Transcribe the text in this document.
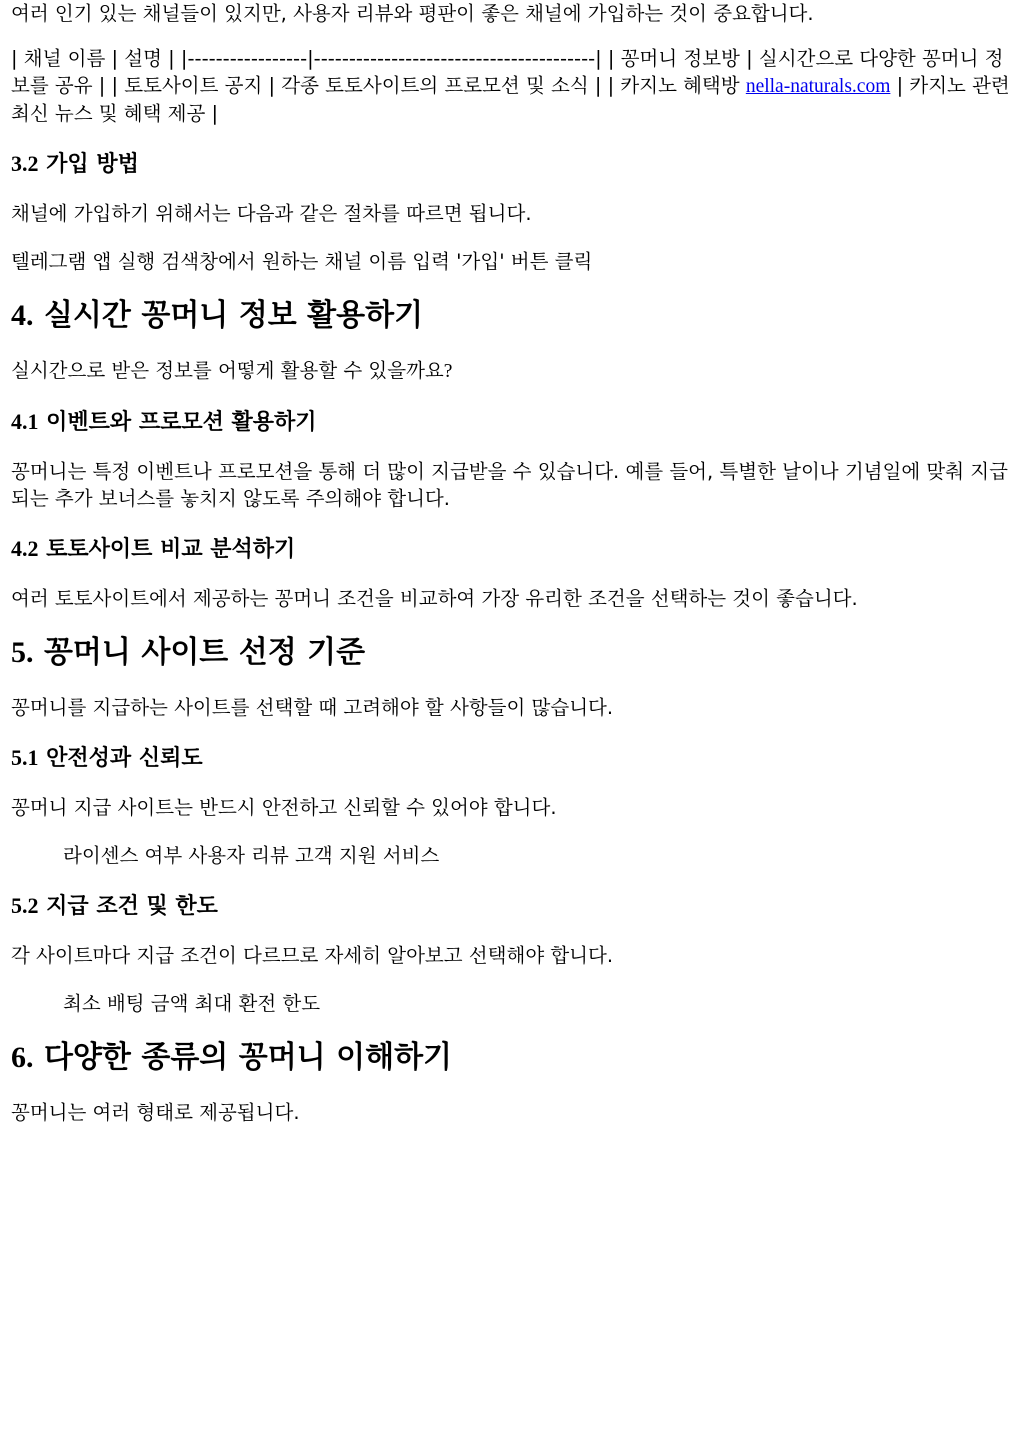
여러 인기 있는 채널들이 있지만, 사용자 리뷰와 평판이 좋은 채널에 가입하는 것이 중요합니다.

| 채널 이름 | 설명 | |-----------------|----------------------------------------| | 꽁머니 정보방 | 실시간으로 다양한 꽁머니 정보를 공유 | | 토토사이트 공지 | 각종 토토사이트의 프로모션 및 소식 | | 카지노 혜택방 nella-naturals.com | 카지노 관련 최신 뉴스 및 혜택 제공 |

3.2 가입 방법

채널에 가입하기 위해서는 다음과 같은 절차를 따르면 됩니다.

텔레그램 앱 실행 검색창에서 원하는 채널 이름 입력 '가입' 버튼 클릭

4. 실시간 꽁머니 정보 활용하기

실시간으로 받은 정보를 어떻게 활용할 수 있을까요?

4.1 이벤트와 프로모션 활용하기

꽁머니는 특정 이벤트나 프로모션을 통해 더 많이 지급받을 수 있습니다. 예를 들어, 특별한 날이나 기념일에 맞춰 지급되는 추가 보너스를 놓치지 않도록 주의해야 합니다.

4.2 토토사이트 비교 분석하기

여러 토토사이트에서 제공하는 꽁머니 조건을 비교하여 가장 유리한 조건을 선택하는 것이 좋습니다.

5. 꽁머니 사이트 선정 기준

꽁머니를 지급하는 사이트를 선택할 때 고려해야 할 사항들이 많습니다.

5.1 안전성과 신뢰도

꽁머니 지급 사이트는 반드시 안전하고 신뢰할 수 있어야 합니다.

라이센스 여부 사용자 리뷰 고객 지원 서비스

5.2 지급 조건 및 한도

각 사이트마다 지급 조건이 다르므로 자세히 알아보고 선택해야 합니다.

최소 배팅 금액 최대 환전 한도

6. 다양한 종류의 꽁머니 이해하기

꽁머니는 여러 형태로 제공됩니다.
